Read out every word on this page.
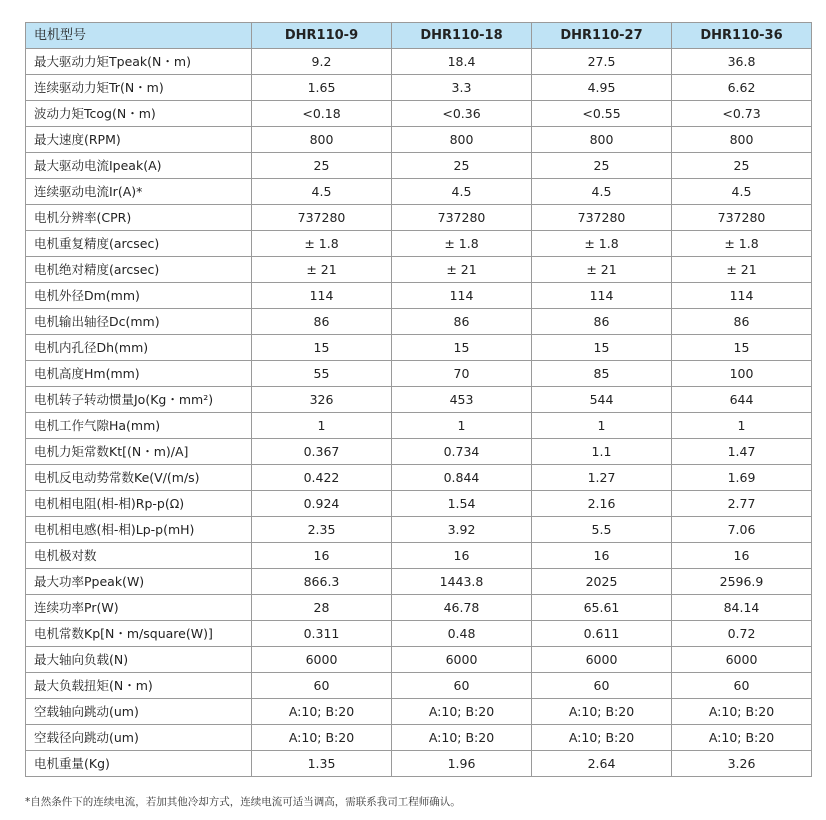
电机型号	DHR110-9	DHR110-18	DHR110-27	DHR110-36
最大驱动力矩Tpeak(N・m)	9.2	18.4	27.5	36.8
连续驱动力矩Tr(N・m)	1.65	3.3	4.95	6.62
波动力矩Tcog(N・m)	<0.18	<0.36	<0.55	<0.73
最大速度(RPM)	800	800	800	800
最大驱动电流Ipeak(A)	25	25	25	25
连续驱动电流Ir(A)*	4.5	4.5	4.5	4.5
电机分辨率(CPR)	737280	737280	737280	737280
电机重复精度(arcsec)	± 1.8	± 1.8	± 1.8	± 1.8
电机绝对精度(arcsec)	± 21	± 21	± 21	± 21
电机外径Dm(mm)	114	114	114	114
电机输出轴径Dc(mm)	86	86	86	86
电机内孔径Dh(mm)	15	15	15	15
电机高度Hm(mm)	55	70	85	100
电机转子转动惯量Jo(Kg・mm²)	326	453	544	644
电机工作气隙Ha(mm)	1	1	1	1
电机力矩常数Kt[(N・m)/A]	0.367	0.734	1.1	1.47
电机反电动势常数Ke(V/(m/s)	0.422	0.844	1.27	1.69
电机相电阻(相-相)Rp-p(Ω)	0.924	1.54	2.16	2.77
电机相电感(相-相)Lp-p(mH)	2.35	3.92	5.5	7.06
电机极对数	16	16	16	16
最大功率Ppeak(W)	866.3	1443.8	2025	2596.9
连续功率Pr(W)	28	46.78	65.61	84.14
电机常数Kp[N・m/square(W)]	0.311	0.48	0.611	0.72
最大轴向负载(N)	6000	6000	6000	6000
最大负载扭矩(N・m)	60	60	60	60
空载轴向跳动(um)	A:10; B:20	A:10; B:20	A:10; B:20	A:10; B:20
空载径向跳动(um)	A:10; B:20	A:10; B:20	A:10; B:20	A:10; B:20
电机重量(Kg)	1.35	1.96	2.64	3.26
*自然条件下的连续电流，若加其他冷却方式，连续电流可适当调高，需联系我司工程师确认。
